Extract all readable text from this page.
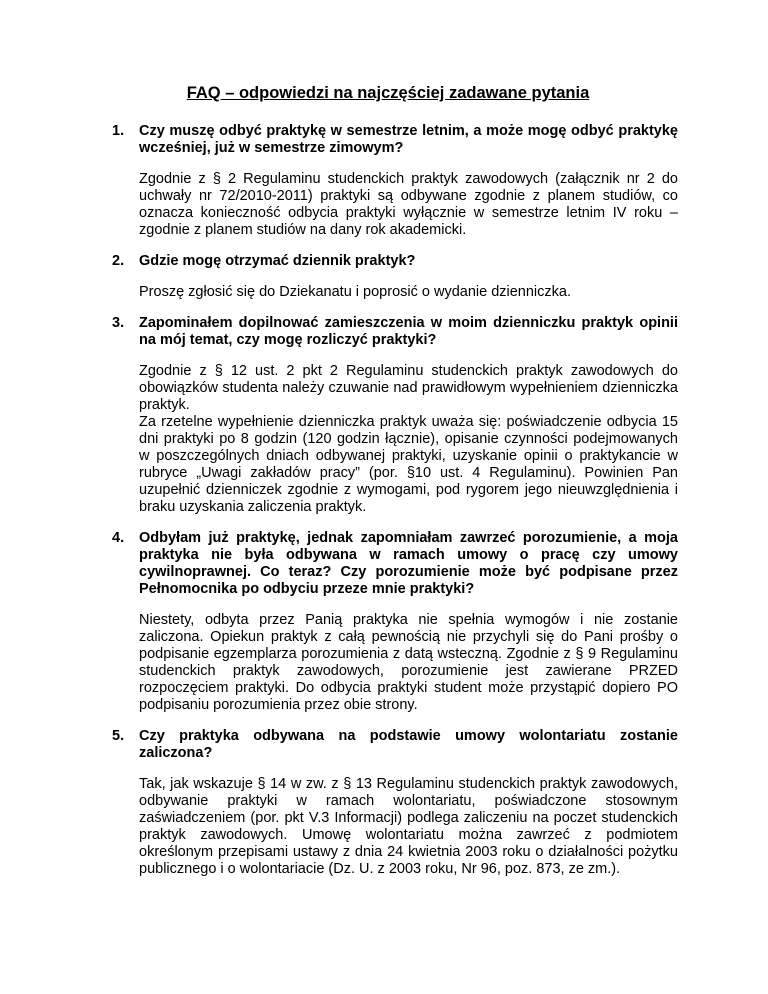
FAQ – odpowiedzi na najczęściej zadawane pytania
1. Czy muszę odbyć praktykę w semestrze letnim, a może mogę odbyć praktykę wcześniej, już w semestrze zimowym?

Zgodnie z § 2 Regulaminu studenckich praktyk zawodowych (załącznik nr 2 do uchwały nr 72/2010-2011) praktyki są odbywane zgodnie z planem studiów, co oznacza konieczność odbycia praktyki wyłącznie w semestrze letnim IV roku – zgodnie z planem studiów na dany rok akademicki.

2. Gdzie mogę otrzymać dziennik praktyk?

Proszę zgłosić się do Dziekanatu i poprosić o wydanie dzienniczka.

3. Zapominałem dopilnować zamieszczenia w moim dzienniczku praktyk opinii na mój temat, czy mogę rozliczyć praktyki?

Zgodnie z § 12 ust. 2 pkt 2 Regulaminu studenckich praktyk zawodowych do obowiązków studenta należy czuwanie nad prawidłowym wypełnieniem dzienniczka praktyk.

Za rzetelne wypełnienie dzienniczka praktyk uważa się: poświadczenie odbycia 15 dni praktyki po 8 godzin (120 godzin łącznie), opisanie czynności podejmowanych w poszczególnych dniach odbywanej praktyki, uzyskanie opinii o praktykancie w rubryce „Uwagi zakładów pracy” (por. §10 ust. 4 Regulaminu). Powinien Pan uzupełnić dzienniczek zgodnie z wymogami, pod rygorem jego nieuwzględnienia i braku uzyskania zaliczenia praktyk.

4. Odbyłam już praktykę, jednak zapomniałam zawrzeć porozumienie, a moja praktyka nie była odbywana w ramach umowy o pracę czy umowy cywilnoprawnej. Co teraz? Czy porozumienie może być podpisane przez Pełnomocnika po odbyciu przeze mnie praktyki?

Niestety, odbyta przez Panią praktyka nie spełnia wymogów i nie zostanie zaliczona. Opiekun praktyk z całą pewnością nie przychyli się do Pani prośby o podpisanie egzemplarza porozumienia z datą wsteczną. Zgodnie z § 9 Regulaminu studenckich praktyk zawodowych, porozumienie jest zawierane PRZED rozpoczęciem praktyki. Do odbycia praktyki student może przystąpić dopiero PO podpisaniu porozumienia przez obie strony.

5. Czy praktyka odbywana na podstawie umowy wolontariatu zostanie zaliczona?

Tak, jak wskazuje § 14 w zw. z § 13 Regulaminu studenckich praktyk zawodowych, odbywanie praktyki w ramach wolontariatu, poświadczone stosownym zaświadczeniem (por. pkt V.3 Informacji) podlega zaliczeniu na poczet studenckich praktyk zawodowych. Umowę wolontariatu można zawrzeć z podmiotem określonym przepisami ustawy z dnia 24 kwietnia 2003 roku o działalności pożytku publicznego i o wolontariacie (Dz. U. z 2003 roku, Nr 96, poz. 873, ze zm.).
